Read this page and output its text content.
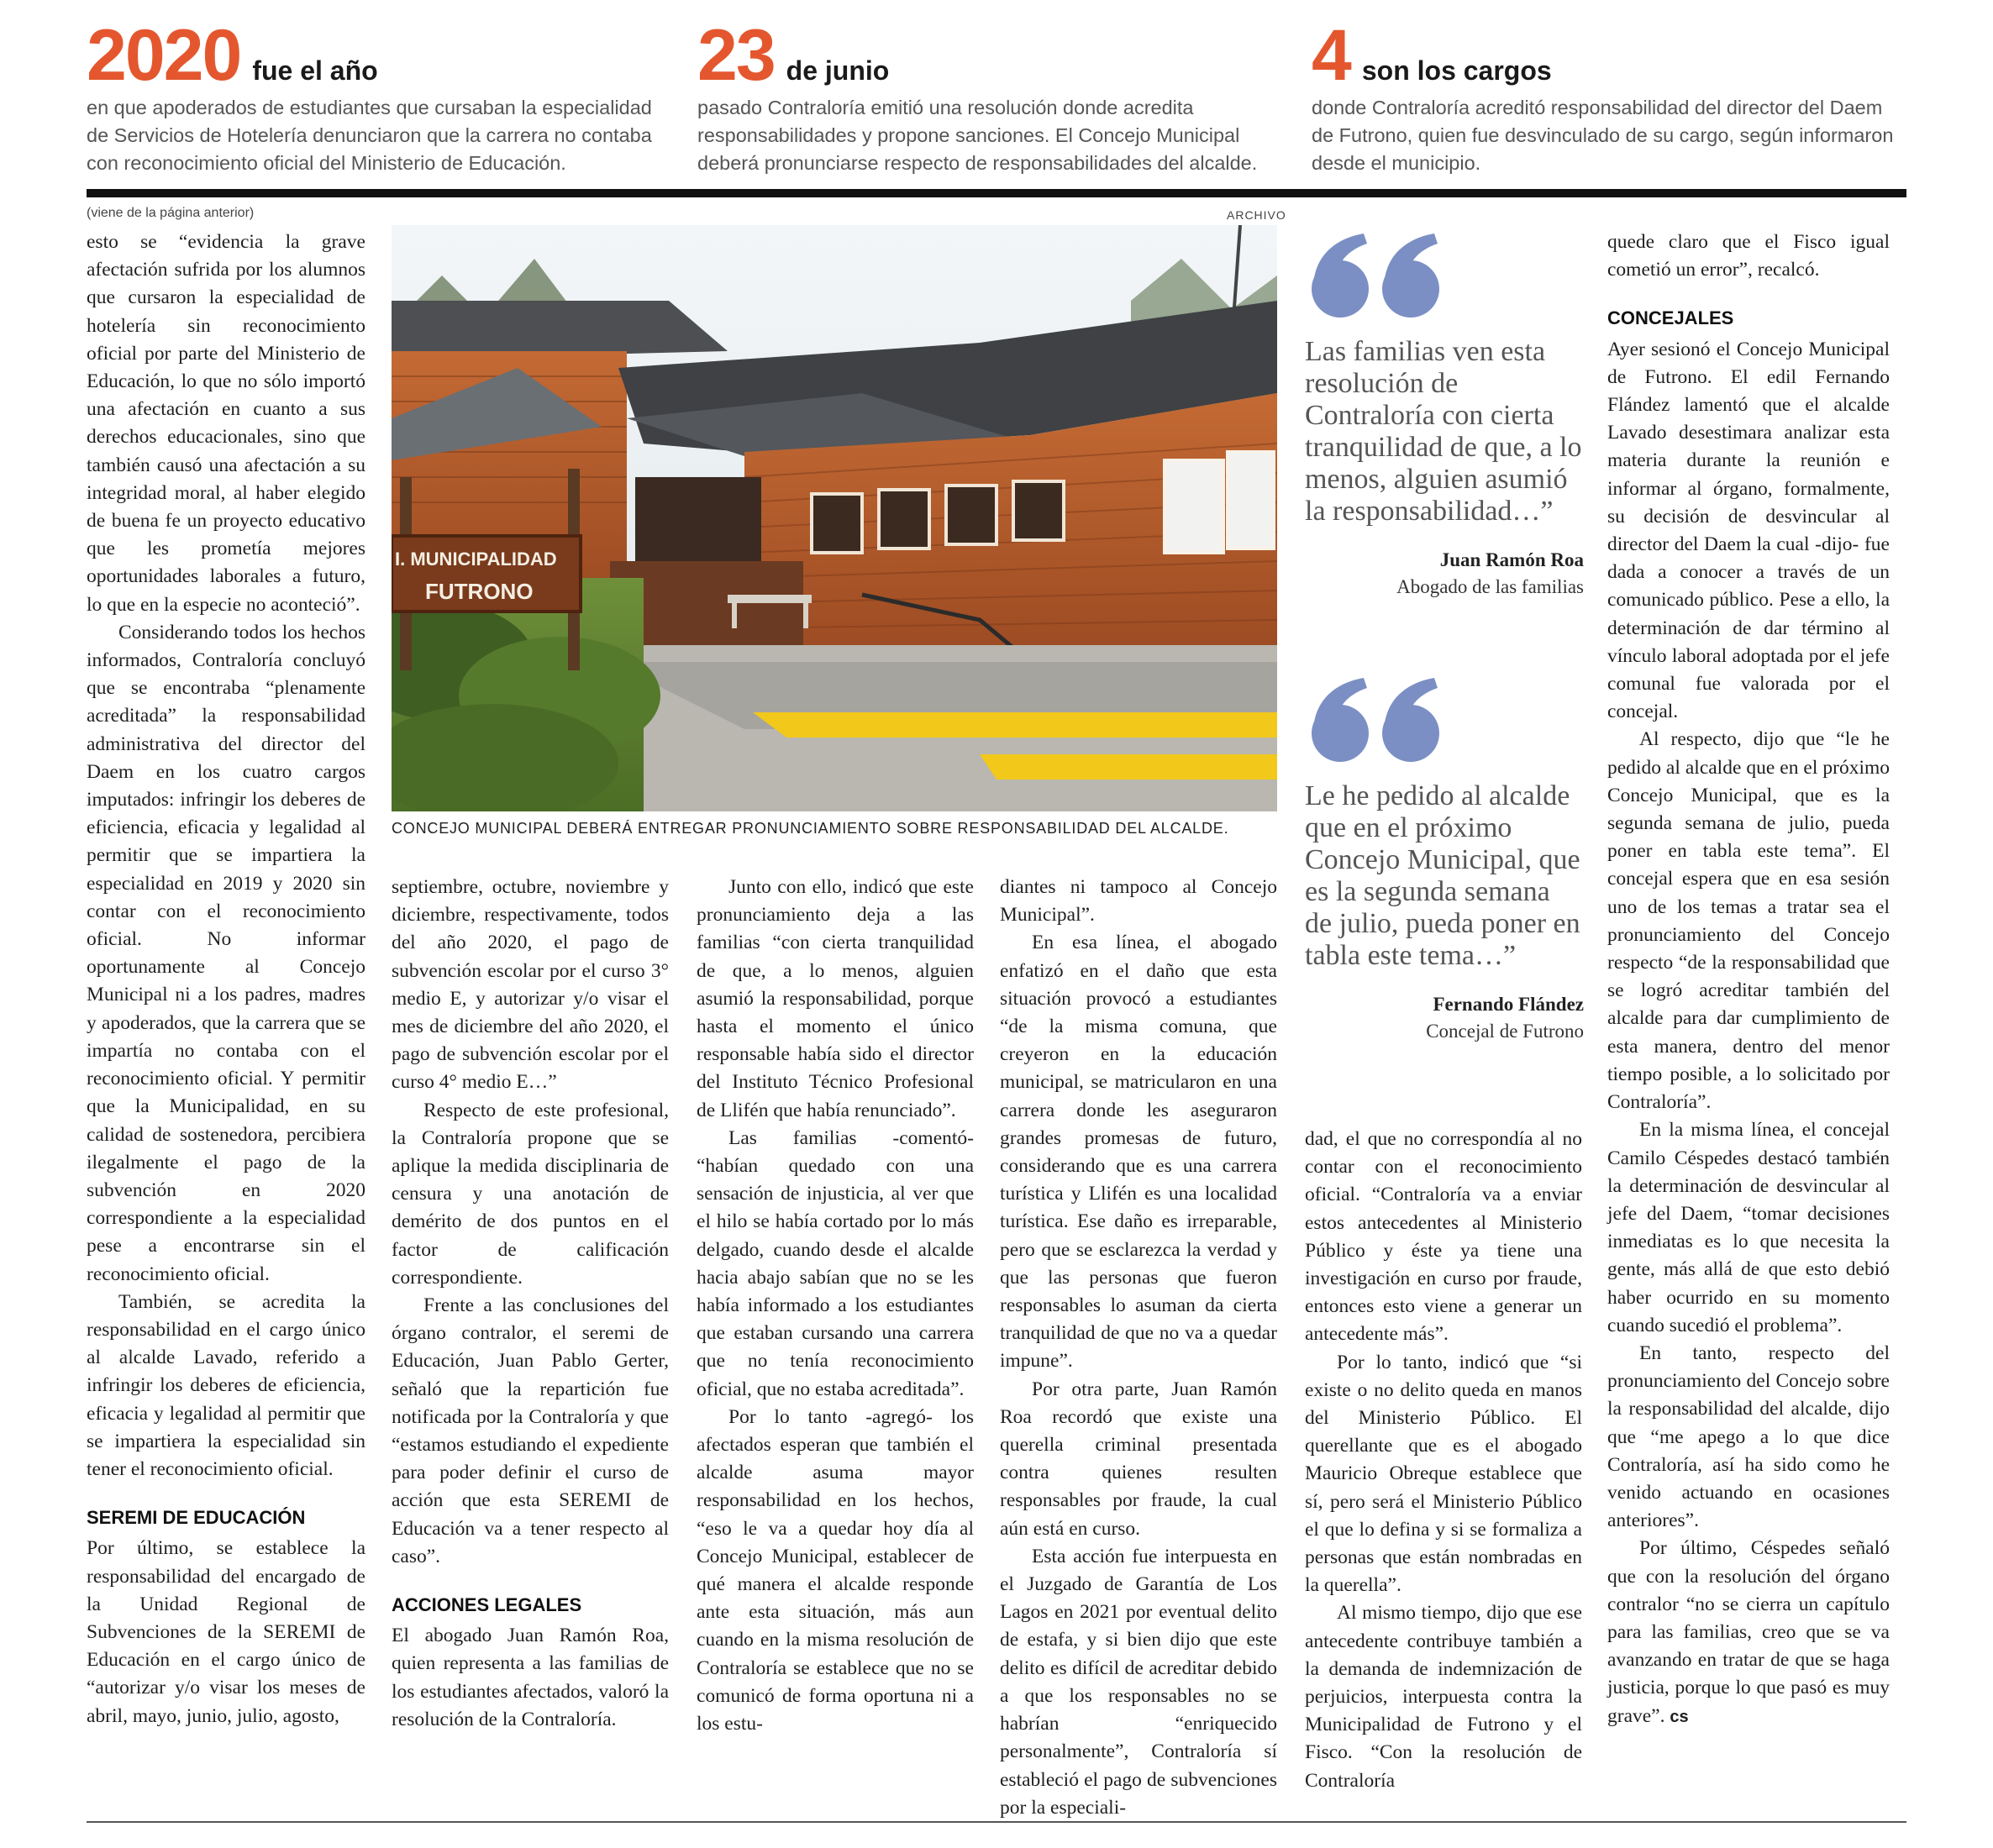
2020 fue el año
en que apoderados de estudiantes que cursaban la especialidad de Servicios de Hotelería denunciaron que la carrera no contaba con reconocimiento oficial del Ministerio de Educación.
23 de junio
pasado Contraloría emitió una resolución donde acredita responsabilidades y propone sanciones. El Concejo Municipal deberá pronunciarse respecto de responsabilidades del alcalde.
4 son los cargos
donde Contraloría acreditó responsabilidad del director del Daem de Futrono, quien fue desvinculado de su cargo, según informaron desde el municipio.
(viene de la página anterior)	ARCHIVO
I. MUNICIPALIDAD
FUTRONO
CONCEJO MUNICIPAL DEBERÁ ENTREGAR PRONUNCIAMIENTO SOBRE RESPONSABILIDAD DEL ALCALDE.

esto se “evidencia la grave afectación sufrida por los alumnos que cursaron la especialidad de hotelería sin reconocimiento oficial por parte del Ministerio de Educación, lo que no sólo importó una afectación en cuanto a sus derechos educacionales, sino que también causó una afectación a su integridad moral, al haber elegido de buena fe un proyecto educativo que les prometía mejores oportunidades laborales a futuro, lo que en la especie no aconteció”.

Considerando todos los hechos informados, Contraloría concluyó que se encontraba “plenamente acreditada” la responsabilidad administrativa del director del Daem en los cuatro cargos imputados: infringir los deberes de eficiencia, eficacia y legalidad al permitir que se impartiera la especialidad en 2019 y 2020 sin contar con el reconocimiento oficial. No informar oportunamente al Concejo Municipal ni a los padres, madres y apoderados, que la carrera que se impartía no contaba con el reconocimiento oficial. Y permitir que la Municipalidad, en su calidad de sostenedora, percibiera ilegalmente el pago de la subvención en 2020 correspondiente a la especialidad pese a encontrarse sin el reconocimiento oficial.

También, se acredita la responsabilidad en el cargo único al alcalde Lavado, referido a infringir los deberes de eficiencia, eficacia y legalidad al permitir que se impartiera la especialidad sin tener el reconocimiento oficial.

SEREMI DE EDUCACIÓN

Por último, se establece la responsabilidad del encargado de la Unidad Regional de Subvenciones de la SEREMI de Educación en el cargo único de “autorizar y/o visar los meses de abril, mayo, junio, julio, agosto,

septiembre, octubre, noviembre y diciembre, respectivamente, todos del año 2020, el pago de subvención escolar por el curso 3° medio E, y autorizar y/o visar el mes de diciembre del año 2020, el pago de subvención escolar por el curso 4° medio E…”

Respecto de este profesional, la Contraloría propone que se aplique la medida disciplinaria de censura y una anotación de demérito de dos puntos en el factor de calificación correspondiente.

Frente a las conclusiones del órgano contralor, el seremi de Educación, Juan Pablo Gerter, señaló que la repartición fue notificada por la Contraloría y que “estamos estudiando el expediente para poder definir el curso de acción que esta SEREMI de Educación va a tener respecto al caso”.

ACCIONES LEGALES

El abogado Juan Ramón Roa, quien representa a las familias de los estudiantes afectados, valoró la resolución de la Contraloría.

Junto con ello, indicó que este pronunciamiento deja a las familias “con cierta tranquilidad de que, a lo menos, alguien asumió la responsabilidad, porque hasta el momento el único responsable había sido el director del Instituto Técnico Profesional de Llifén que había renunciado”.

Las familias -comentó- “habían quedado con una sensación de injusticia, al ver que el hilo se había cortado por lo más delgado, cuando desde el alcalde hacia abajo sabían que no se les había informado a los estudiantes que estaban cursando una carrera que no tenía reconocimiento oficial, que no estaba acreditada”.

Por lo tanto -agregó- los afectados esperan que también el alcalde asuma mayor responsabilidad en los hechos, “eso le va a quedar hoy día al Concejo Municipal, establecer de qué manera el alcalde responde ante esta situación, más aun cuando en la misma resolución de Contraloría se establece que no se comunicó de forma oportuna ni a los estu-

diantes ni tampoco al Concejo Municipal”.

En esa línea, el abogado enfatizó en el daño que esta situación provocó a estudiantes “de la misma comuna, que creyeron en la educación municipal, se matricularon en una carrera donde les aseguraron grandes promesas de futuro, considerando que es una carrera turística y Llifén es una localidad turística. Ese daño es irreparable, pero que se esclarezca la verdad y que las personas que fueron responsables lo asuman da cierta tranquilidad de que no va a quedar impune”.

Por otra parte, Juan Ramón Roa recordó que existe una querella criminal presentada contra quienes resulten responsables por fraude, la cual aún está en curso.

Esta acción fue interpuesta en el Juzgado de Garantía de Los Lagos en 2021 por eventual delito de estafa, y si bien dijo que este delito es difícil de acreditar debido a que los responsables no se habrían “enriquecido personalmente”, Contraloría sí estableció el pago de subvenciones por la especiali-

Las familias ven esta resolución de Contraloría con cierta tranquilidad de que, a lo menos, alguien asumió la responsabilidad…”
Juan Ramón Roa
Abogado de las familias
Le he pedido al alcalde que en el próximo Concejo Municipal, que es la segunda semana de julio, pueda poner en tabla este tema…”
Fernando Flández
Concejal de Futrono

dad, el que no correspondía al no contar con el reconocimiento oficial. “Contraloría va a enviar estos antecedentes al Ministerio Público y éste ya tiene una investigación en curso por fraude, entonces esto viene a generar un antecedente más”.

Por lo tanto, indicó que “si existe o no delito queda en manos del Ministerio Público. El querellante que es el abogado Mauricio Obreque establece que sí, pero será el Ministerio Público el que lo defina y si se formaliza a personas que están nombradas en la querella”.

Al mismo tiempo, dijo que ese antecedente contribuye también a la demanda de indemnización de perjuicios, interpuesta contra la Municipalidad de Futrono y el Fisco. “Con la resolución de Contraloría

quede claro que el Fisco igual cometió un error”, recalcó.

CONCEJALES

Ayer sesionó el Concejo Municipal de Futrono. El edil Fernando Flández lamentó que el alcalde Lavado desestimara analizar esta materia durante la reunión e informar al órgano, formalmente, su decisión de desvincular al director del Daem la cual -dijo- fue dada a conocer a través de un comunicado público. Pese a ello, la determinación de dar término al vínculo laboral adoptada por el jefe comunal fue valorada por el concejal.

Al respecto, dijo que “le he pedido al alcalde que en el próximo Concejo Municipal, que es la segunda semana de julio, pueda poner en tabla este tema”. El concejal espera que en esa sesión uno de los temas a tratar sea el pronunciamiento del Concejo respecto “de la responsabilidad que se logró acreditar también del alcalde para dar cumplimiento de esta manera, dentro del menor tiempo posible, a lo solicitado por Contraloría”.

En la misma línea, el concejal Camilo Céspedes destacó también la determinación de desvincular al jefe del Daem, “tomar decisiones inmediatas es lo que necesita la gente, más allá de que esto debió haber ocurrido en su momento cuando sucedió el problema”.

En tanto, respecto del pronunciamiento del Concejo sobre la responsabilidad del alcalde, dijo que “me apego a lo que dice Contraloría, así ha sido como he venido actuando en ocasiones anteriores”.

Por último, Céspedes señaló que con la resolución del órgano contralor “no se cierra un capítulo para las familias, creo que se va avanzando en tratar de que se haga justicia, porque lo que pasó es muy grave”. cs
